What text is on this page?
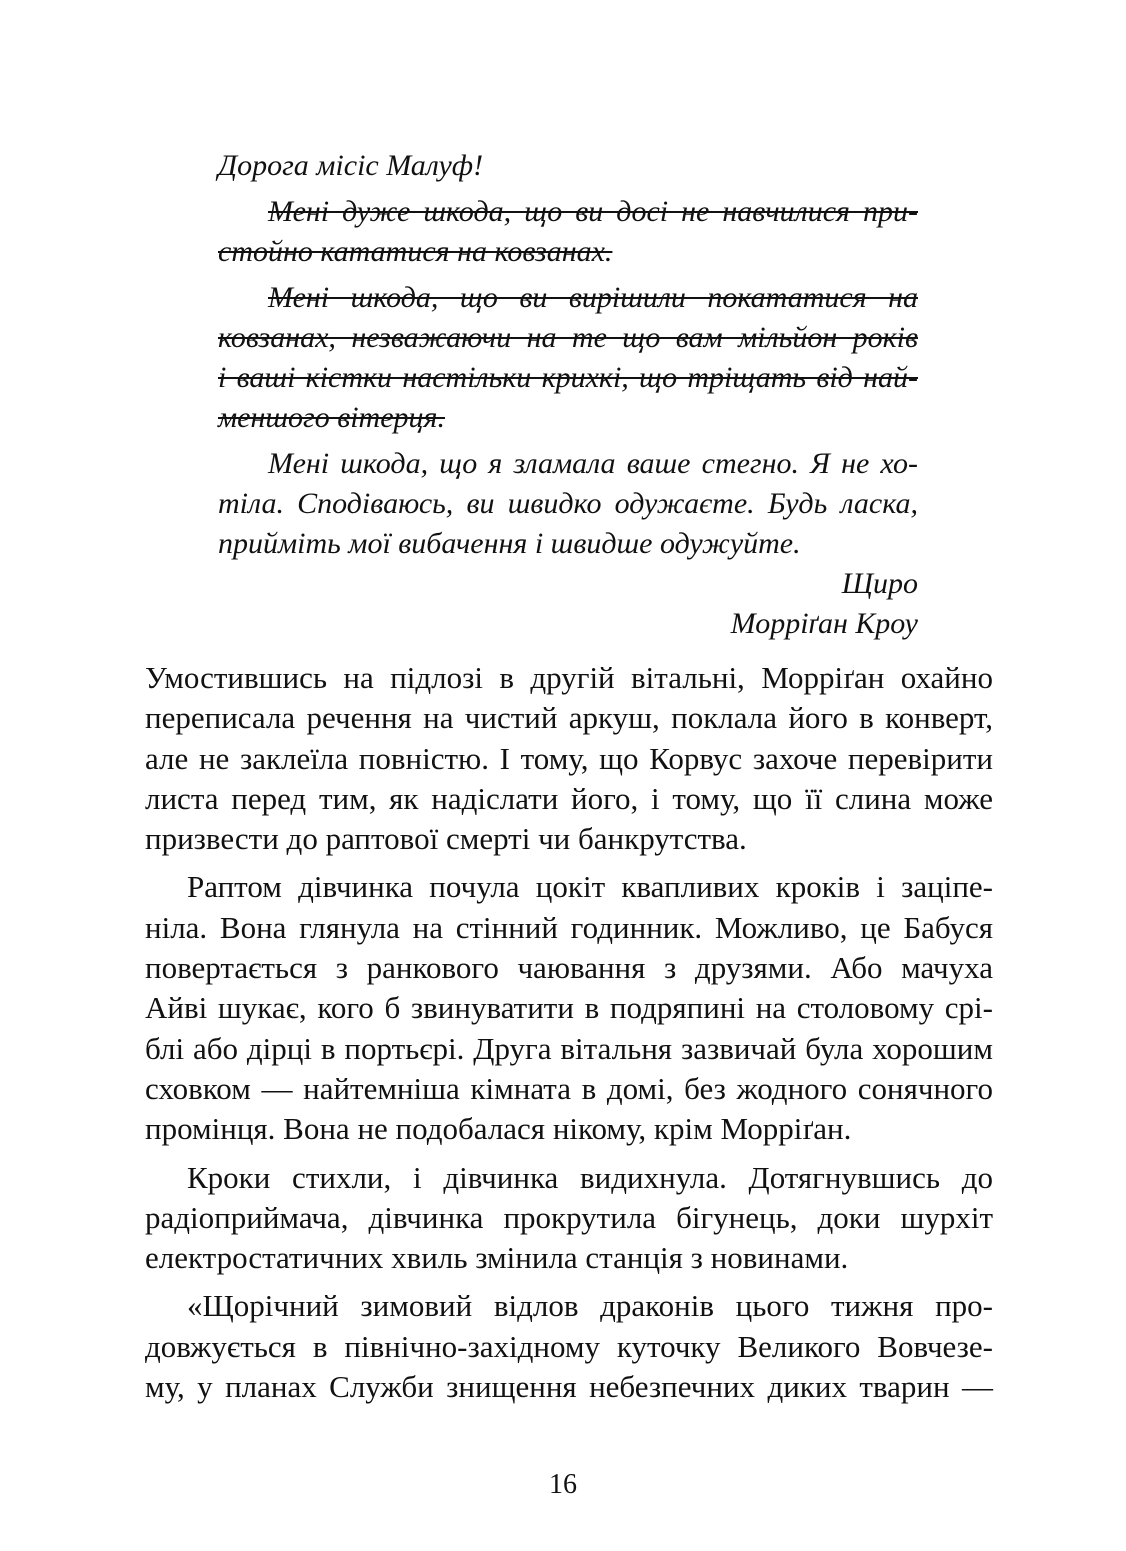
Дорога місіс Малуф!
Мені дуже шкода, що ви досі не навчилися при-
стойно кататися на ковзанах.
Мені шкода, що ви вирішили покататися на
ковзанах, незважаючи на те що вам мільйон років
і ваші кістки настільки крихкі, що тріщать від най-
меншого вітерця.
Мені шкода, що я зламала ваше стегно. Я не хо-
тіла. Сподіваюсь, ви швидко одужаєте. Будь ласка,
прийміть мої вибачення і швидше одужуйте.
Щиро
Морріґан Кроу
Умостившись на підлозі в другій вітальні, Морріґан охайно
переписала речення на чистий аркуш, поклала його в конверт,
але не заклеїла повністю. І тому, що Корвус захоче перевірити
листа перед тим, як надіслати його, і тому, що її слина може
призвести до раптової смерті чи банкрутства.
Раптом дівчинка почула цокіт квапливих кроків і заціпе-
ніла. Вона глянула на стінний годинник. Можливо, це Бабуся
повертається з ранкового чаювання з друзями. Або мачуха
Айві шукає, кого б звинуватити в подряпині на столовому срі-
блі або дірці в портьєрі. Друга вітальня зазвичай була хорошим
сховком — найтемніша кімната в домі, без жодного сонячного
промінця. Вона не подобалася нікому, крім Морріґан.
Кроки стихли, і дівчинка видихнула. Дотягнувшись до
радіоприймача, дівчинка прокрутила бігунець, доки шурхіт
електростатичних хвиль змінила станція з новинами.
«Щорічний зимовий відлов драконів цього тижня про-
довжується в північно-західному куточку Великого Вовчезе-
му, у планах Служби знищення небезпечних диких тварин —
16
